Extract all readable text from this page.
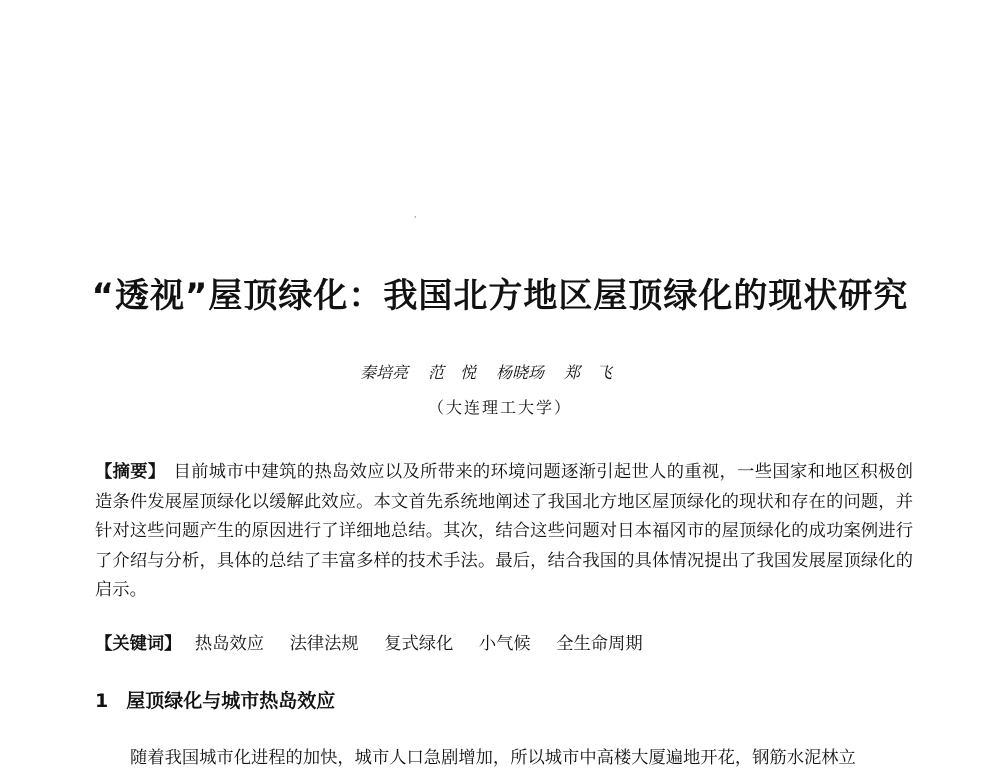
·
“透视”屋顶绿化：我国北方地区屋顶绿化的现状研究
秦培亮 范　悦 杨晓玚 郑　飞
（大连理工大学）
【摘要】 目前城市中建筑的热岛效应以及所带来的环境问题逐渐引起世人的重视，一些国家和地区积极创造条件发展屋顶绿化以缓解此效应。本文首先系统地阐述了我国北方地区屋顶绿化的现状和存在的问题，并针对这些问题产生的原因进行了详细地总结。其次，结合这些问题对日本福冈市的屋顶绿化的成功案例进行了介绍与分析，具体的总结了丰富多样的技术手法。最后，结合我国的具体情况提出了我国发展屋顶绿化的启示。
【关键词】 热岛效应 法律法规 复式绿化 小气候 全生命周期
1 屋顶绿化与城市热岛效应
随着我国城市化进程的加快，城市人口急剧增加，所以城市中高楼大厦遍地开花，钢筋水泥林立
